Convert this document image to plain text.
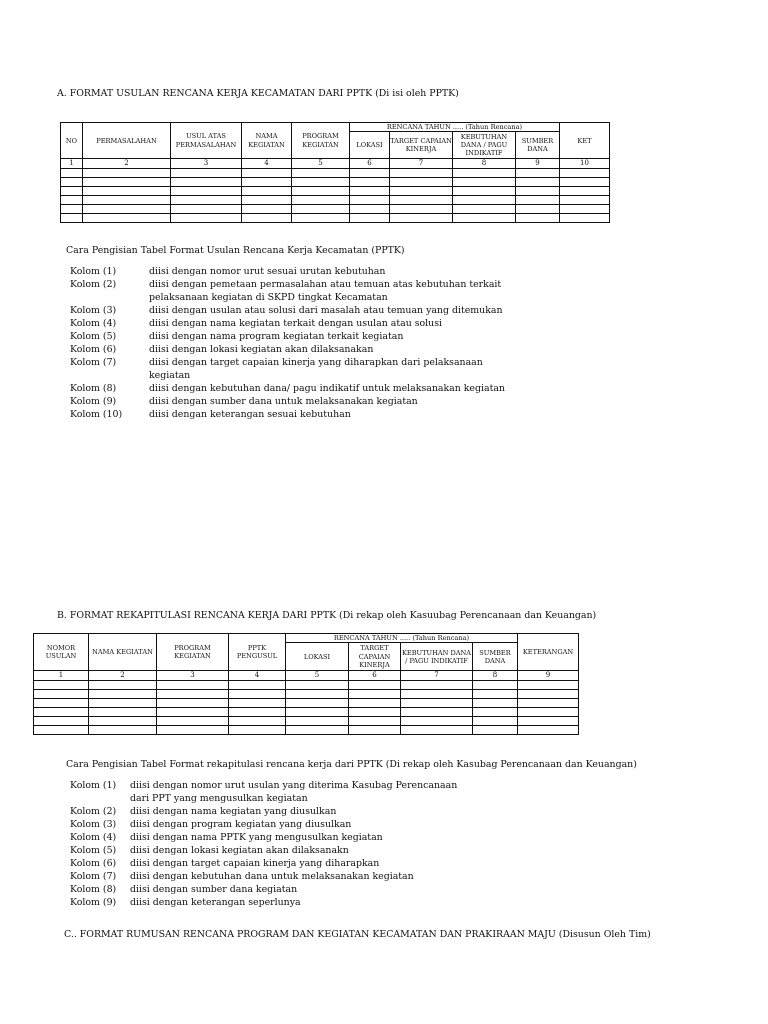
A. FORMAT USULAN RENCANA KERJA KECAMATAN DARI PPTK (Di isi oleh PPTK)
NO	PERMASALAHAN	USUL ATAS PERMASALAHAN	NAMA KEGIATAN	PROGRAM KEGIATAN	RENCANA TAHUN ..... (Tahun Rencana)				KET
					LOKASI	TARGET CAPAIAN KINERJA	KEBUTUHAN DANA / PAGU INDIKATIF	SUMBER DANA	
1	2	3	4	5	6	7	8	9	10

Cara Pengisian Tabel Format Usulan Rencana Kerja Kecamatan (PPTK)
Kolom (1)	diisi dengan nomor urut sesuai urutan kebutuhan
Kolom (2)	diisi dengan pemetaan permasalahan atau temuan atas kebutuhan terkait pelaksanaan kegiatan di SKPD tingkat Kecamatan
Kolom (3)	diisi dengan usulan atau solusi dari masalah atau temuan yang ditemukan
Kolom (4)	diisi dengan nama kegiatan terkait dengan usulan atau solusi
Kolom (5)	diisi dengan nama program kegiatan terkait kegiatan
Kolom (6)	diisi dengan lokasi kegiatan akan dilaksanakan
Kolom (7)	diisi dengan target capaian kinerja yang diharapkan dari pelaksanaan kegiatan
Kolom (8)	diisi dengan kebutuhan dana/ pagu indikatif untuk melaksanakan kegiatan
Kolom (9)	diisi dengan sumber dana untuk melaksanakan kegiatan
Kolom (10)	diisi dengan keterangan sesuai kebutuhan
B. FORMAT REKAPITULASI RENCANA KERJA DARI PPTK (Di rekap oleh Kasuubag Perencanaan dan Keuangan)
NOMOR USULAN	NAMA KEGIATAN	PROGRAM KEGIATAN	PPTK PENGUSUL	RENCANA TAHUN ..... (Tahun Rencana)				KETERANGAN
				LOKASI	TARGET CAPAIAN KINERJA	KEBUTUHAN DANA / PAGU INDIKATIF	SUMBER DANA	
1	2	3	4	5	6	7	8	9

Cara Pengisian Tabel Format rekapitulasi rencana kerja dari PPTK (Di rekap oleh Kasubag Perencanaan dan Keuangan)
Kolom (1)	diisi dengan nomor urut usulan yang diterima Kasubag Perencanaan dari PPT yang mengusulkan kegiatan
Kolom (2)	diisi dengan nama kegiatan yang diusulkan
Kolom (3)	diisi dengan program kegiatan yang diusulkan
Kolom (4)	diisi dengan nama PPTK yang mengusulkan kegiatan
Kolom (5)	diisi dengan lokasi kegiatan akan dilaksanakn
Kolom (6)	diisi dengan target capaian kinerja yang diharapkan
Kolom (7)	diisi dengan kebutuhan dana untuk melaksanakan kegiatan
Kolom (8)	diisi dengan sumber dana kegiatan
Kolom (9)	diisi dengan keterangan seperlunya
C.. FORMAT RUMUSAN RENCANA PROGRAM DAN KEGIATAN KECAMATAN DAN PRAKIRAAN MAJU (Disusun Oleh Tim)
